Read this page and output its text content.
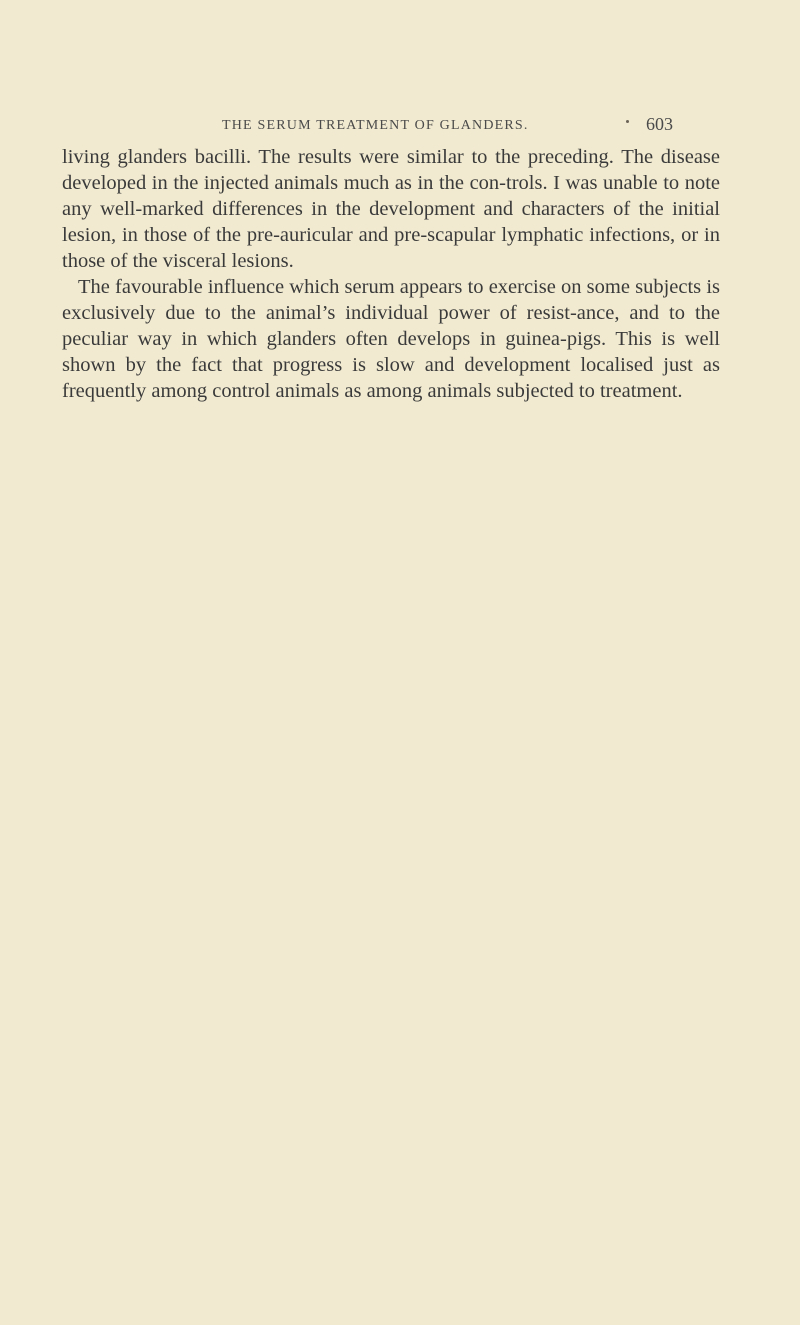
THE SERUM TREATMENT OF GLANDERS.	603

living glanders bacilli. The results were similar to the preceding. The disease developed in the injected animals much as in the con-trols. I was unable to note any well-marked differences in the development and characters of the initial lesion, in those of the pre-auricular and pre-scapular lymphatic infections, or in those of the visceral lesions.

The favourable influence which serum appears to exercise on some subjects is exclusively due to the animal’s individual power of resist-ance, and to the peculiar way in which glanders often develops in guinea-pigs. This is well shown by the fact that progress is slow and development localised just as frequently among control animals as among animals subjected to treatment.
